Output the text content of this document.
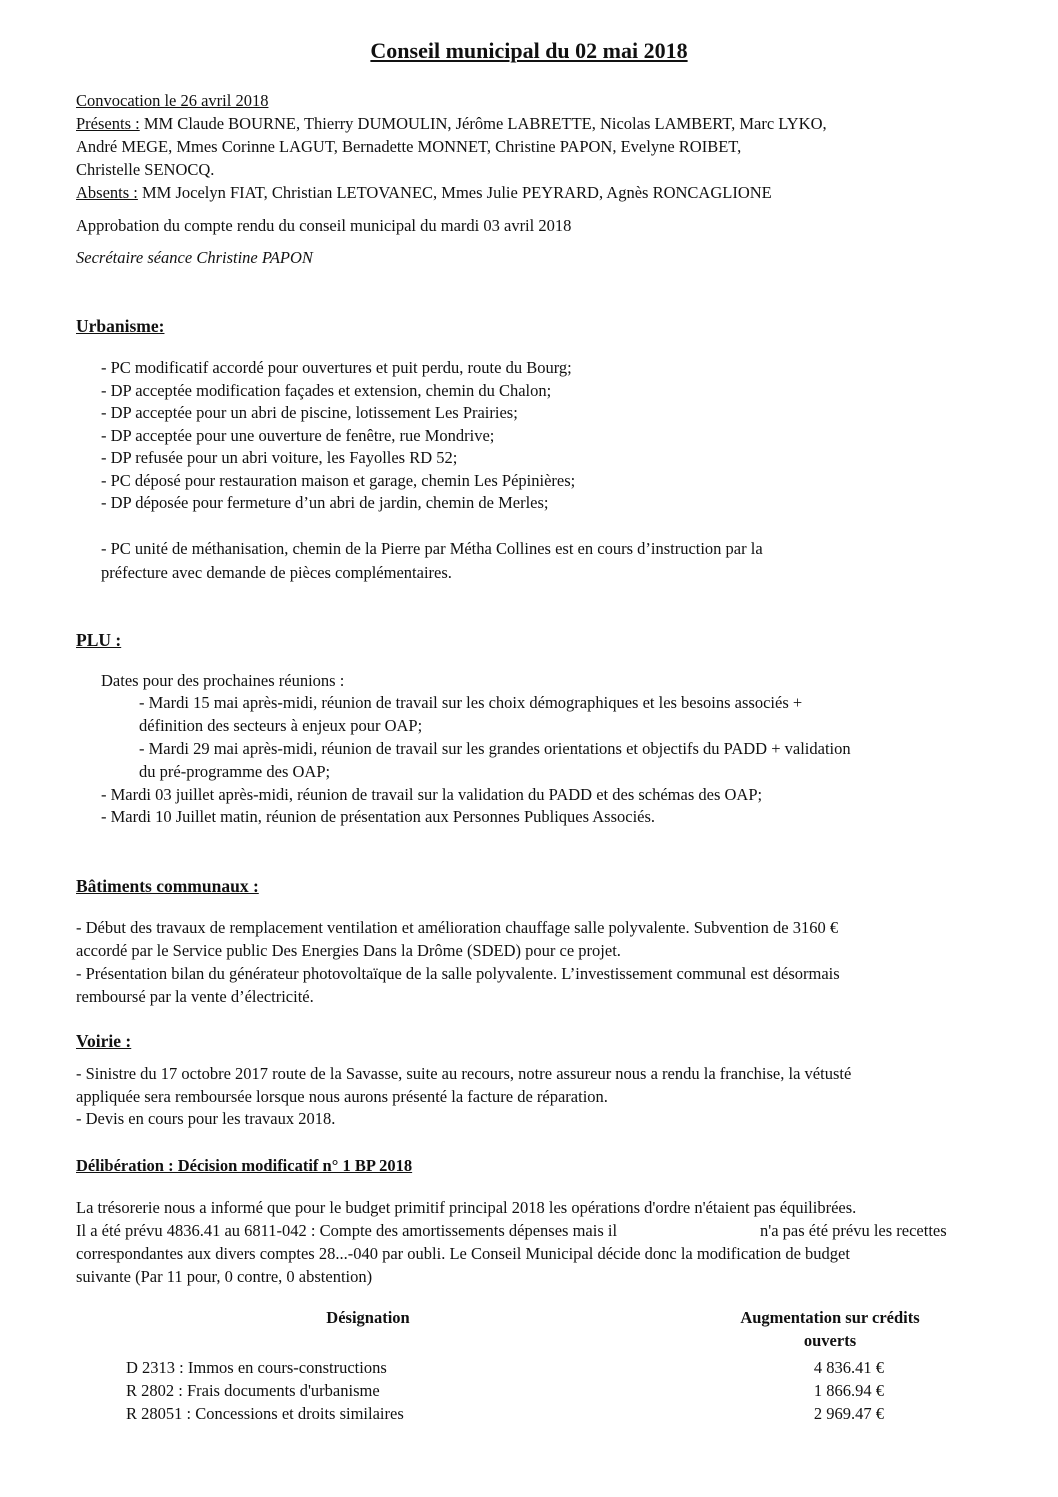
Conseil municipal du 02 mai 2018
Convocation le 26 avril 2018
Présents : MM Claude BOURNE, Thierry DUMOULIN, Jérôme LABRETTE, Nicolas LAMBERT, Marc LYKO,
André MEGE, Mmes Corinne LAGUT, Bernadette MONNET, Christine PAPON, Evelyne ROIBET,
Christelle SENOCQ.
Absents : MM Jocelyn FIAT, Christian LETOVANEC, Mmes Julie PEYRARD, Agnès RONCAGLIONE
Approbation du compte rendu du conseil municipal du mardi 03 avril 2018
Secrétaire séance Christine PAPON
Urbanisme:
- PC modificatif accordé pour ouvertures et puit perdu, route du Bourg;
- DP acceptée modification façades et extension, chemin du Chalon;
- DP acceptée pour un abri de piscine, lotissement Les Prairies;
- DP acceptée pour une ouverture de fenêtre, rue Mondrive;
- DP refusée pour un abri voiture, les Fayolles RD 52;
- PC déposé pour restauration maison et garage, chemin Les Pépinières;
- DP déposée pour fermeture d’un abri de jardin, chemin de Merles;
- PC unité de méthanisation, chemin de la Pierre par Métha Collines est en cours d’instruction par la
préfecture avec demande de pièces complémentaires.
PLU :
Dates pour des prochaines réunions :
- Mardi 15 mai après-midi, réunion de travail sur les choix démographiques et les besoins associés +
définition des secteurs à enjeux pour OAP;
- Mardi 29 mai après-midi, réunion de travail sur les grandes orientations et objectifs du PADD + validation
du pré-programme des OAP;
- Mardi 03 juillet après-midi, réunion de travail sur la validation du PADD et des schémas des OAP;
- Mardi 10 Juillet matin, réunion de présentation aux Personnes Publiques Associés.
Bâtiments communaux :
- Début des travaux de remplacement ventilation et amélioration chauffage salle polyvalente. Subvention de 3160 €
accordé par le Service public Des Energies Dans la Drôme (SDED) pour ce projet.
- Présentation bilan du générateur photovoltaïque de la salle polyvalente. L’investissement communal est désormais
remboursé par la vente d’électricité.
Voirie :
- Sinistre du 17 octobre 2017 route de la Savasse, suite au recours, notre assureur nous a rendu la franchise, la vétusté
appliquée sera remboursée lorsque nous aurons présenté la facture de réparation.
- Devis en cours pour les travaux 2018.
Délibération : Décision modificatif n° 1 BP 2018
La trésorerie nous a informé que pour le budget primitif principal 2018 les opérations d'ordre n'étaient pas équilibrées.
Il a été prévu 4836.41 au 6811-042 : Compte des amortissements dépenses mais il	n'a pas été prévu les recettes
correspondantes aux divers comptes 28...-040 par oubli. Le Conseil Municipal décide donc la modification de budget
suivante (Par 11 pour, 0 contre, 0 abstention)
Désignation	Augmentation sur crédits
ouverts
D 2313 : Immos en cours-constructions	4 836.41 €
R 2802 : Frais documents d'urbanisme	1 866.94 €
R 28051 : Concessions et droits similaires	2 969.47 €
